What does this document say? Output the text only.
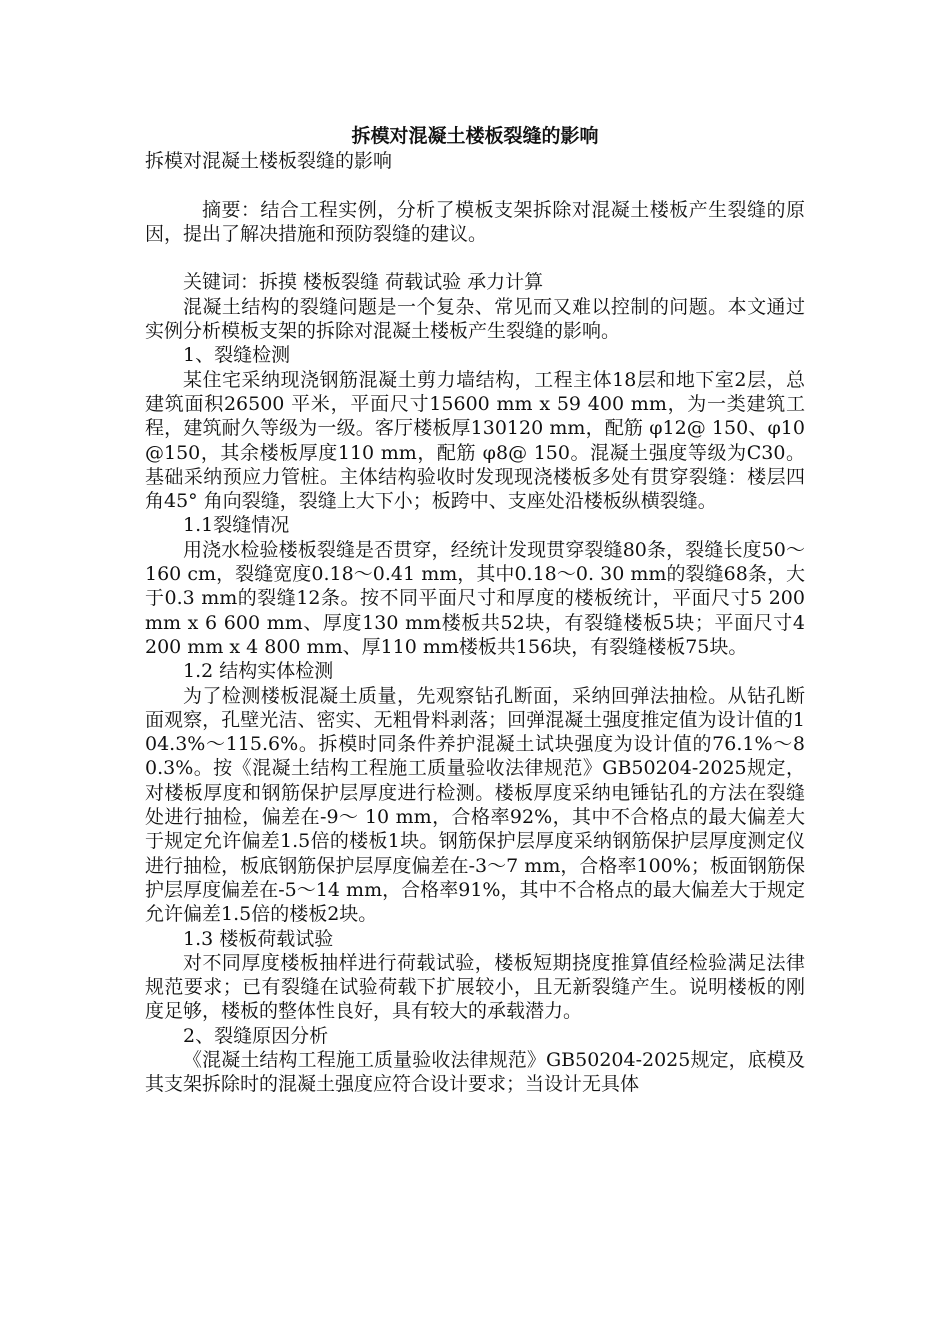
拆模对混凝土楼板裂缝的影响

拆模对混凝土楼板裂缝的影响

摘要：结合工程实例，分析了模板支架拆除对混凝土楼板产生裂缝的原因，提出了解决措施和预防裂缝的建议。

关键词：拆摸 楼板裂缝 荷载试验 承力计算

混凝土结构的裂缝问题是一个复杂、常见而又难以控制的问题。本文通过实例分析模板支架的拆除对混凝土楼板产生裂缝的影响。

1、裂缝检测

某住宅采纳现浇钢筋混凝土剪力墙结构，工程主体18层和地下室2层，总建筑面积26500 平米，平面尺寸15600 mm x 59 400 mm，为一类建筑工程，建筑耐久等级为一级。客厅楼板厚130120 mm，配筋 φ12@ 150、φ10@150，其余楼板厚度110 mm，配筋 φ8@ 150。混凝土强度等级为C30。基础采纳预应力管桩。主体结构验收时发现现浇楼板多处有贯穿裂缝：楼层四角45° 角向裂缝，裂缝上大下小；板跨中、支座处沿楼板纵横裂缝。

1.1裂缝情况

用浇水检验楼板裂缝是否贯穿，经统计发现贯穿裂缝80条，裂缝长度50～160 cm，裂缝宽度0.18～0.41 mm，其中0.18～0. 30 mm的裂缝68条，大于0.3 mm的裂缝12条。按不同平面尺寸和厚度的楼板统计，平面尺寸5 200 mm x 6 600 mm、厚度130 mm楼板共52块，有裂缝楼板5块；平面尺寸4 200 mm x 4 800 mm、厚110 mm楼板共156块，有裂缝楼板75块。

1.2 结构实体检测

为了检测楼板混凝土质量，先观察钻孔断面，采纳回弹法抽检。从钻孔断面观察，孔壁光洁、密实、无粗骨料剥落；回弹混凝土强度推定值为设计值的104.3%～115.6%。拆模时同条件养护混凝土试块强度为设计值的76.1%～80.3%。按《混凝土结构工程施工质量验收法律规范》GB50204-2025规定，对楼板厚度和钢筋保护层厚度进行检测。楼板厚度采纳电锤钻孔的方法在裂缝处进行抽检，偏差在-9～ 10 mm，合格率92%，其中不合格点的最大偏差大于规定允许偏差1.5倍的楼板1块。钢筋保护层厚度采纳钢筋保护层厚度测定仪进行抽检，板底钢筋保护层厚度偏差在-3～7 mm，合格率100%；板面钢筋保护层厚度偏差在-5～14 mm，合格率91%，其中不合格点的最大偏差大于规定允许偏差1.5倍的楼板2块。

1.3 楼板荷载试验

对不同厚度楼板抽样进行荷载试验，楼板短期挠度推算值经检验满足法律规范要求；已有裂缝在试验荷载下扩展较小，且无新裂缝产生。说明楼板的刚度足够，楼板的整体性良好，具有较大的承载潜力。

2、裂缝原因分析

《混凝土结构工程施工质量验收法律规范》GB50204-2025规定，底模及其支架拆除时的混凝土强度应符合设计要求；当设计无具体
